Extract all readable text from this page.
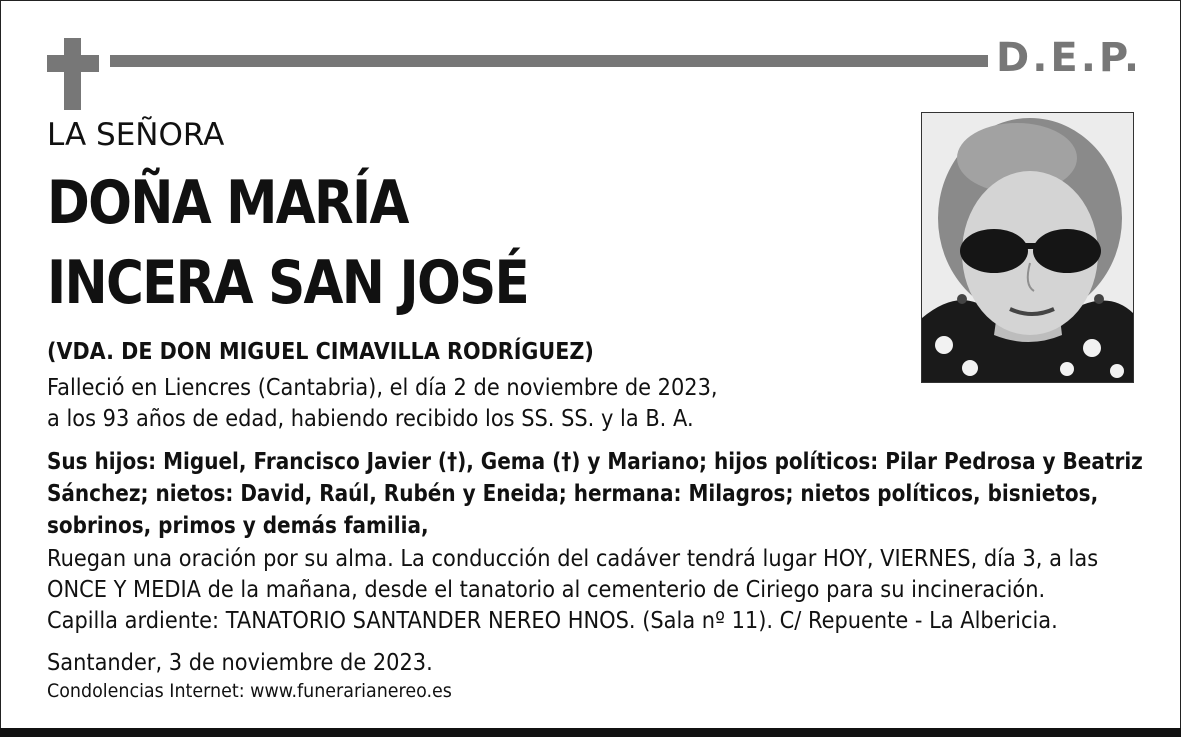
D.E.P.
LA SEÑORA
DOÑA MARÍA
INCERA SAN JOSÉ
(VDA. DE DON MIGUEL CIMAVILLA RODRÍGUEZ)
Falleció en Liencres (Cantabria), el día 2 de noviembre de 2023,
a los 93 años de edad, habiendo recibido los SS. SS. y la B. A.
Sus hijos: Miguel, Francisco Javier (†), Gema (†) y Mariano; hijos políticos: Pilar Pedrosa y Beatriz
Sánchez; nietos: David, Raúl, Rubén y Eneida; hermana: Milagros; nietos políticos, bisnietos,
sobrinos, primos y demás familia,
Ruegan una oración por su alma. La conducción del cadáver tendrá lugar HOY, VIERNES, día 3, a las
ONCE Y MEDIA de la mañana, desde el tanatorio al cementerio de Ciriego para su incineración.
Capilla ardiente: TANATORIO SANTANDER NEREO HNOS. (Sala nº 11). C/ Repuente - La Albericia.
Santander, 3 de noviembre de 2023.
Condolencias Internet: www.funerarianereo.es
